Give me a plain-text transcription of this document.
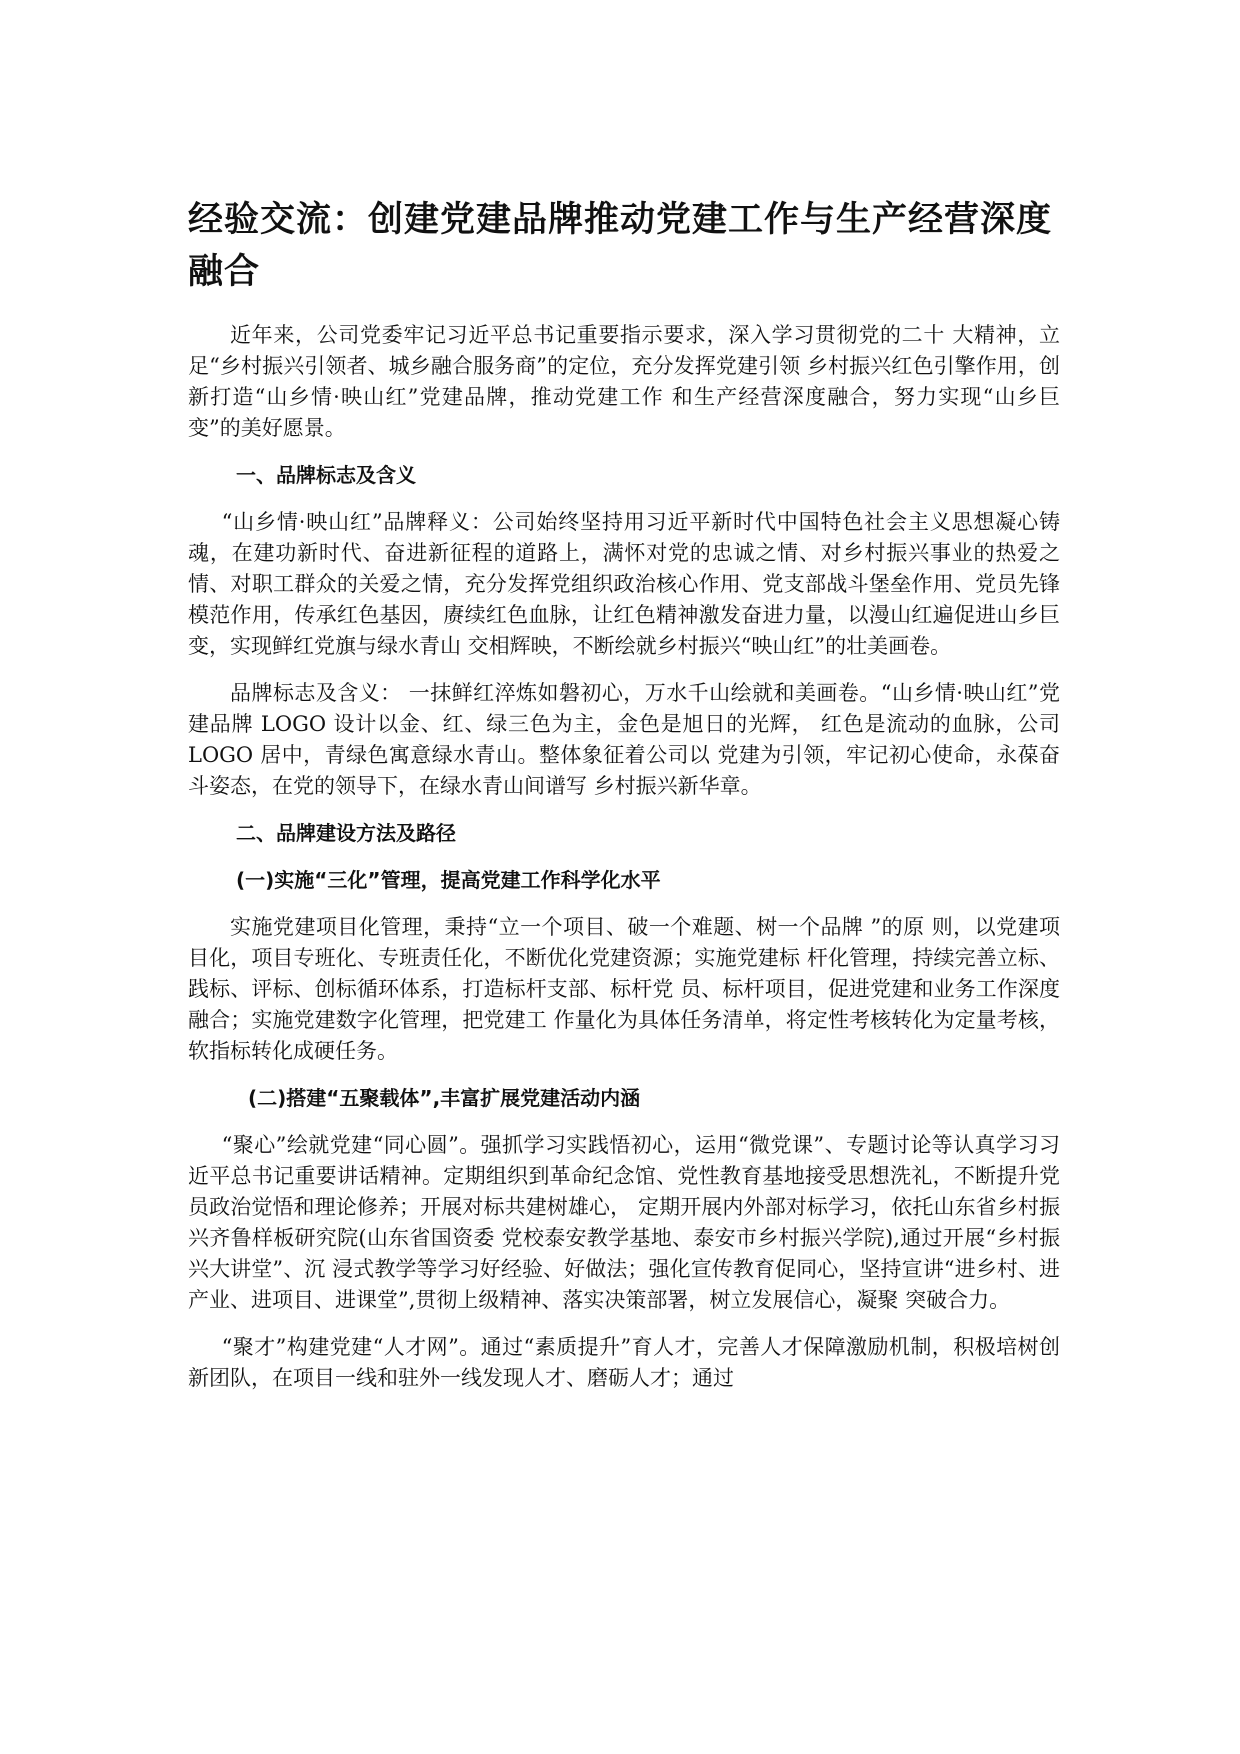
经验交流：创建党建品牌推动党建工作与生产经营深度融合

近年来，公司党委牢记习近平总书记重要指示要求，深入学习贯彻党的二十 大精神，立足“乡村振兴引领者、城乡融合服务商”的定位，充分发挥党建引领 乡村振兴红色引擎作用，创新打造“山乡情·映山红”党建品牌，推动党建工作 和生产经营深度融合，努力实现“山乡巨变”的美好愿景。

一、品牌标志及含义

“山乡情·映山红”品牌释义：公司始终坚持用习近平新时代中国特色社会主义思想凝心铸魂，在建功新时代、奋进新征程的道路上，满怀对党的忠诚之情、对乡村振兴事业的热爱之情、对职工群众的关爱之情，充分发挥党组织政治核心作用、党支部战斗堡垒作用、党员先锋模范作用，传承红色基因，赓续红色血脉，让红色精神激发奋进力量，以漫山红遍促进山乡巨变，实现鲜红党旗与绿水青山 交相辉映，不断绘就乡村振兴“映山红”的壮美画卷。

品牌标志及含义： 一抹鲜红淬炼如磐初心，万水千山绘就和美画卷。“山乡情·映山红”党建品牌 LOGO 设计以金、红、绿三色为主，金色是旭日的光辉， 红色是流动的血脉，公司 LOGO 居中，青绿色寓意绿水青山。整体象征着公司以 党建为引领，牢记初心使命，永葆奋斗姿态，在党的领导下，在绿水青山间谱写 乡村振兴新华章。

二、品牌建设方法及路径
(一)实施“三化”管理，提高党建工作科学化水平

实施党建项目化管理，秉持“立一个项目、破一个难题、树一个品牌 ”的原 则，以党建项目化，项目专班化、专班责任化，不断优化党建资源；实施党建标 杆化管理，持续完善立标、践标、评标、创标循环体系，打造标杆支部、标杆党 员、标杆项目，促进党建和业务工作深度融合；实施党建数字化管理，把党建工 作量化为具体任务清单，将定性考核转化为定量考核，软指标转化成硬任务。

(二)搭建“五聚载体”,丰富扩展党建活动内涵

“聚心”绘就党建“同心圆”。强抓学习实践悟初心，运用“微党课”、专题讨论等认真学习习近平总书记重要讲话精神。定期组织到革命纪念馆、党性教育基地接受思想洗礼，不断提升党员政治觉悟和理论修养；开展对标共建树雄心， 定期开展内外部对标学习，依托山东省乡村振兴齐鲁样板研究院(山东省国资委 党校泰安教学基地、泰安市乡村振兴学院),通过开展“乡村振兴大讲堂”、沉 浸式教学等学习好经验、好做法；强化宣传教育促同心，坚持宣讲“进乡村、进 产业、进项目、进课堂”,贯彻上级精神、落实决策部署，树立发展信心，凝聚 突破合力。

“聚才”构建党建“人才网”。通过“素质提升”育人才，完善人才保障激励机制，积极培树创新团队，在项目一线和驻外一线发现人才、磨砺人才；通过
